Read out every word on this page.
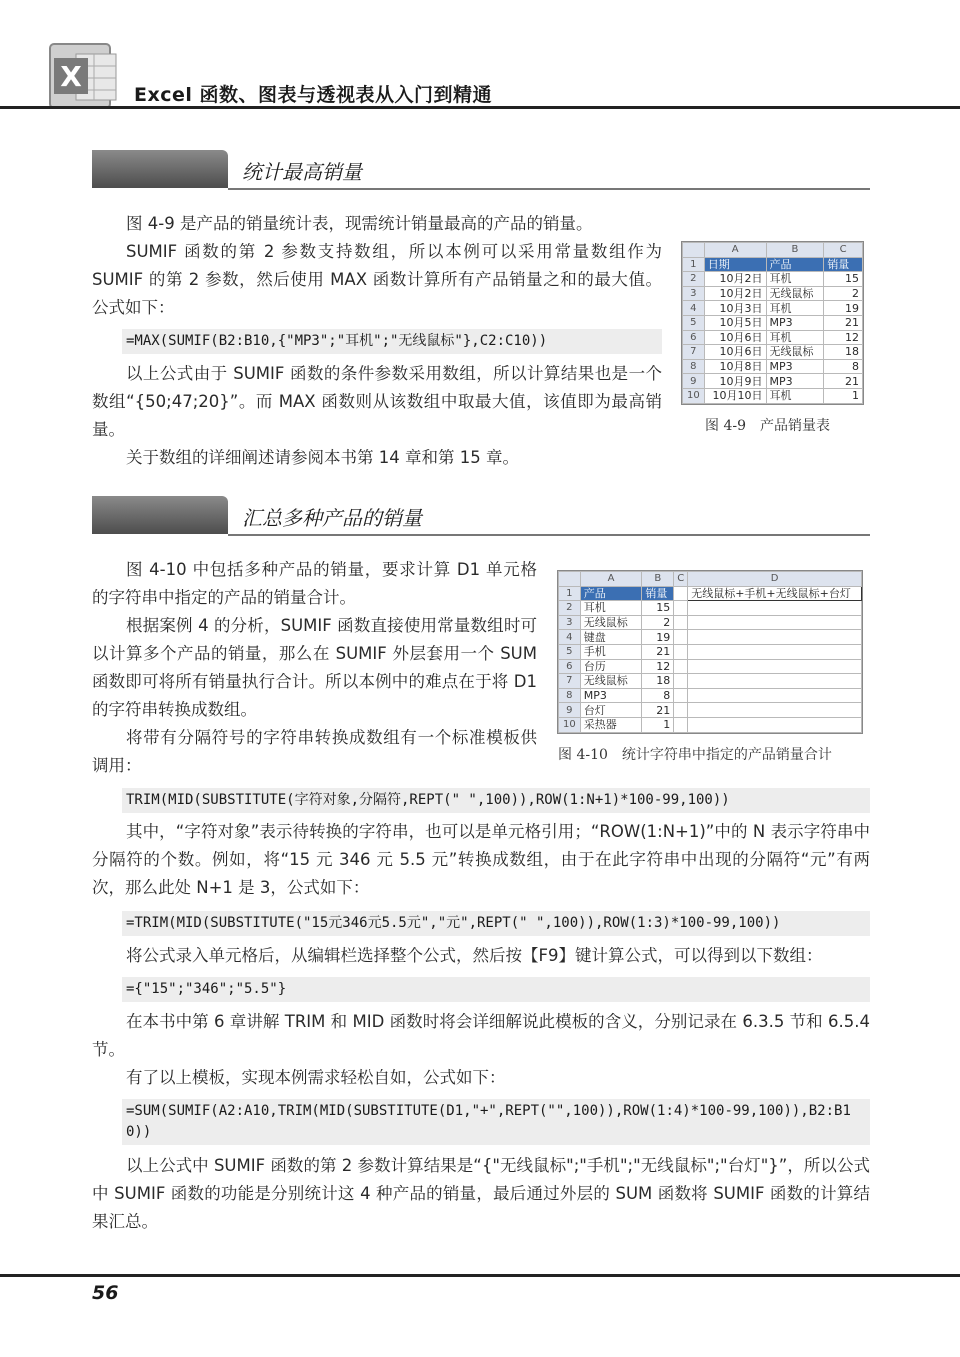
X
Excel 函数、图表与透视表从入门到精通
统计最高销量
图 4-9 是产品的销量统计表，现需统计销量最高的产品的销量。
SUMIF 函数的第 2 参数支持数组，所以本例可以采用常量数组作为 SUMIF 的第 2 参数，然后使用 MAX 函数计算所有产品销量之和的最大值。公式如下：
=MAX(SUMIF(B2:B10,{"MP3";"耳机";"无线鼠标"},C2:C10))
以上公式由于 SUMIF 函数的条件参数采用数组，所以计算结果也是一个数组“{50;47;20}”。而 MAX 函数则从该数组中取最大值，该值即为最高销量。
关于数组的详细阐述请参阅本书第 14 章和第 15 章。
	A	B	C
1	日期	产品	销量
2	10月2日	耳机	15
3	10月2日	无线鼠标	2
4	10月3日	耳机	19
5	10月5日	MP3	21
6	10月6日	耳机	12
7	10月6日	无线鼠标	18
8	10月8日	MP3	8
9	10月9日	MP3	21
10	10月10日	耳机	1
图 4-9　产品销量表
汇总多种产品的销量
图 4-10 中包括多种产品的销量，要求计算 D1 单元格的字符串中指定的产品的销量合计。
根据案例 4 的分析，SUMIF 函数直接使用常量数组时可以计算多个产品的销量，那么在 SUMIF 外层套用一个 SUM 函数即可将所有销量执行合计。所以本例中的难点在于将 D1 的字符串转换成数组。
将带有分隔符号的字符串转换成数组有一个标准模板供调用：
	A	B	C	D
1	产品	销量		无线鼠标+手机+无线鼠标+台灯
2	耳机	15		
3	无线鼠标	2		
4	键盘	19		
5	手机	21		
6	台历	12		
7	无线鼠标	18		
8	MP3	8		
9	台灯	21		
10	采热器	1		
图 4-10　统计字符串中指定的产品销量合计
TRIM(MID(SUBSTITUTE(字符对象,分隔符,REPT(" ",100)),ROW(1:N+1)*100-99,100))
其中，“字符对象”表示待转换的字符串，也可以是单元格引用；“ROW(1:N+1)”中的 N 表示字符串中分隔符的个数。例如，将“15 元 346 元 5.5 元”转换成数组，由于在此字符串中出现的分隔符“元”有两次，那么此处 N+1 是 3，公式如下：
=TRIM(MID(SUBSTITUTE("15元346元5.5元","元",REPT(" ",100)),ROW(1:3)*100-99,100))
将公式录入单元格后，从编辑栏选择整个公式，然后按【F9】键计算公式，可以得到以下数组：
={"15";"346";"5.5"}
在本书中第 6 章讲解 TRIM 和 MID 函数时将会详细解说此模板的含义，分别记录在 6.3.5 节和 6.5.4 节。
有了以上模板，实现本例需求轻松自如，公式如下：
=SUM(SUMIF(A2:A10,TRIM(MID(SUBSTITUTE(D1,"+",REPT("",100)),ROW(1:4)*100-99,100)),B2:B10))
以上公式中 SUMIF 函数的第 2 参数计算结果是“{"无线鼠标";"手机";"无线鼠标";"台灯"}”，所以公式中 SUMIF 函数的功能是分别统计这 4 种产品的销量，最后通过外层的 SUM 函数将 SUMIF 函数的计算结果汇总。
56
